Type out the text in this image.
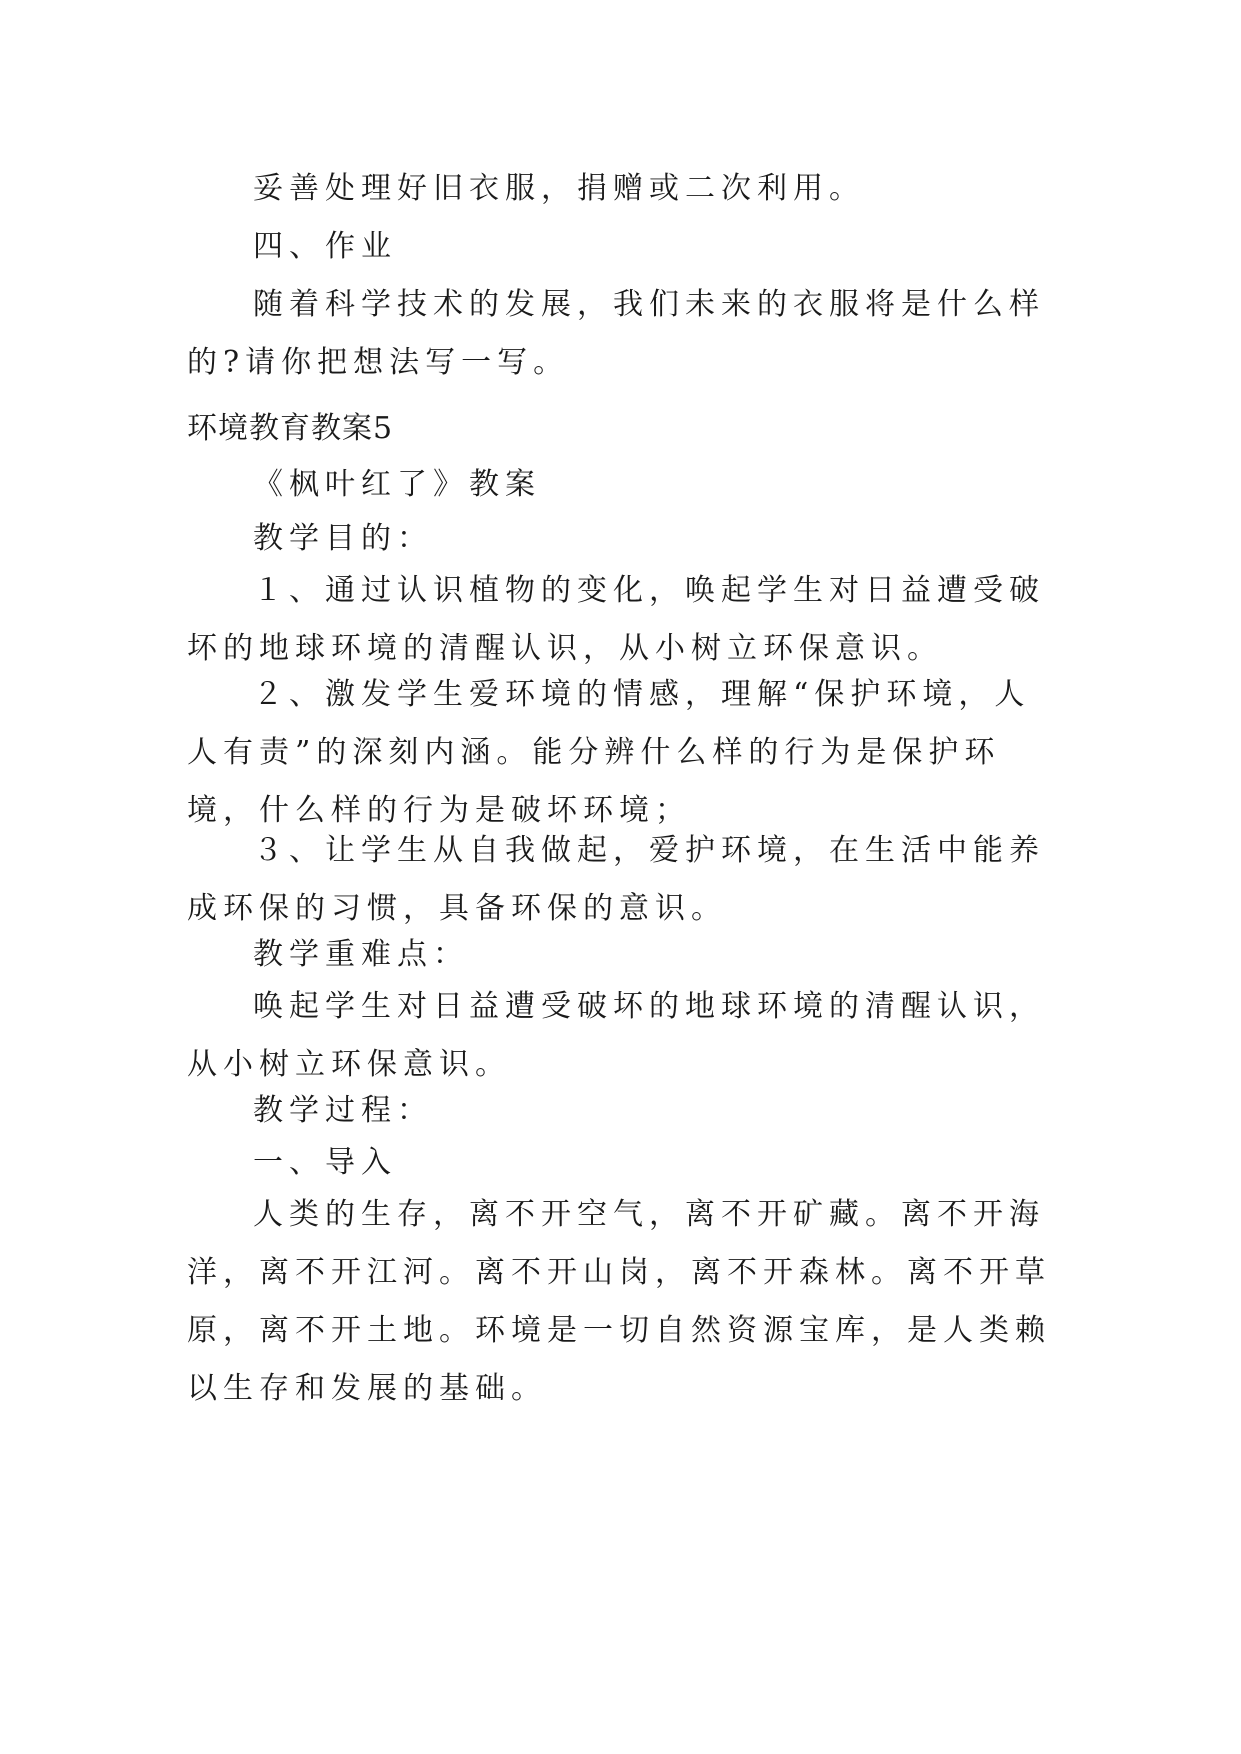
妥善处理好旧衣服，捐赠或二次利用。

四、作业

随着科学技术的发展，我们未来的衣服将是什么样的?请你把想法写一写。

环境教育教案5

《枫叶红了》教案

教学目的：

１、通过认识植物的变化，唤起学生对日益遭受破坏的地球环境的清醒认识，从小树立环保意识。

２、激发学生爱环境的情感，理解“保护环境，人人有责”的深刻内涵。能分辨什么样的行为是保护环境，什么样的行为是破坏环境；

３、让学生从自我做起，爱护环境，在生活中能养成环保的习惯，具备环保的意识。

教学重难点：

唤起学生对日益遭受破坏的地球环境的清醒认识，从小树立环保意识。

教学过程：

一、导入

人类的生存，离不开空气，离不开矿藏。离不开海洋，离不开江河。离不开山岗，离不开森林。离不开草原，离不开土地。环境是一切自然资源宝库，是人类赖以生存和发展的基础。
